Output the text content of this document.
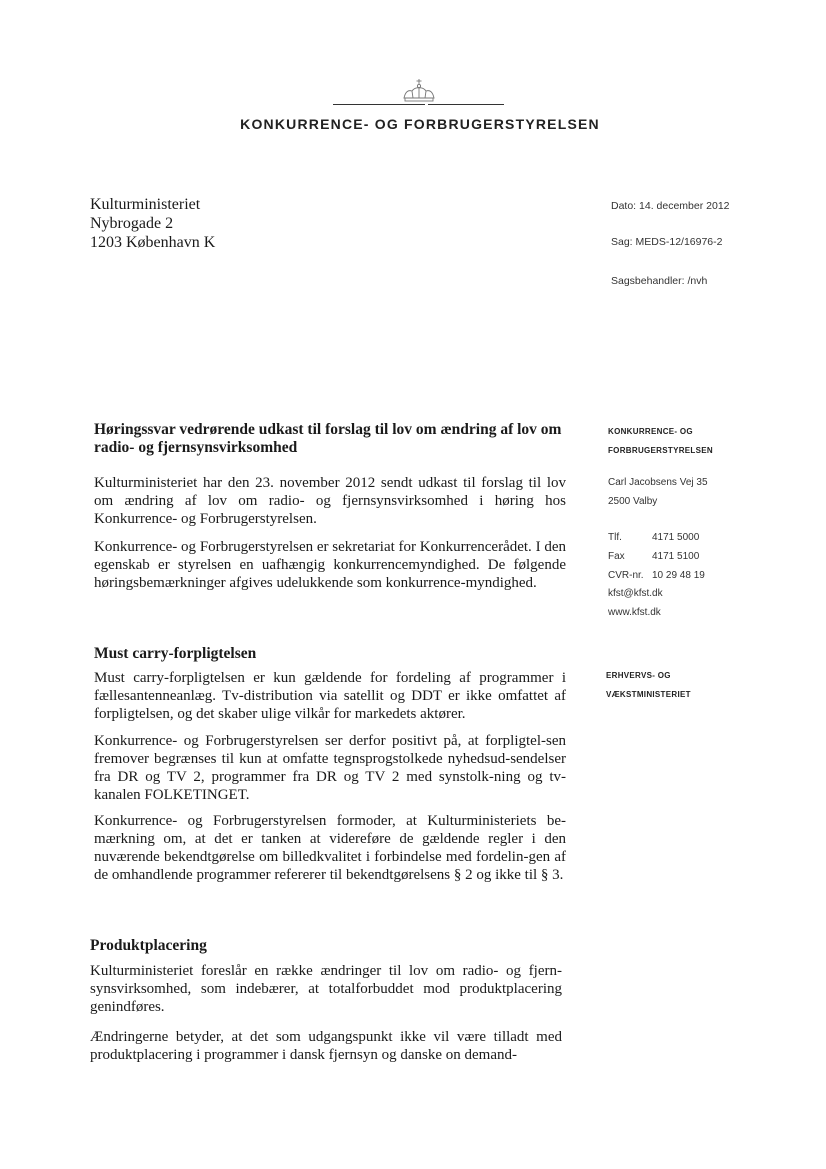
KONKURRENCE- OG FORBRUGERSTYRELSEN
Kulturministeriet
Nybrogade 2
1203 København K
Dato: 14. december 2012
Sag: MEDS-12/16976-2
Sagsbehandler: /nvh
KONKURRENCE- OG
FORBRUGERSTYRELSEN
Carl Jacobsens Vej 35
2500 Valby
Tlf.	4171 5000
Fax	4171 5100
CVR-nr. 10 29 48 19
kfst@kfst.dk
www.kfst.dk
ERHVERVS- OG
VÆKSTMINISTERIET
Høringssvar vedrørende udkast til forslag til lov om ændring af lov om radio- og fjernsynsvirksomhed
Kulturministeriet har den 23. november 2012 sendt udkast til forslag til lov om ændring af lov om radio- og fjernsynsvirksomhed i høring hos Konkurrence- og Forbrugerstyrelsen.
Konkurrence- og Forbrugerstyrelsen er sekretariat for Konkurrencerådet. I den egenskab er styrelsen en uafhængig konkurrencemyndighed. De følgende høringsbemærkninger afgives udelukkende som konkurrence-myndighed.
Must carry-forpligtelsen
Must carry-forpligtelsen er kun gældende for fordeling af programmer i fællesantenneanlæg. Tv-distribution via satellit og DDT er ikke omfattet af forpligtelsen, og det skaber ulige vilkår for markedets aktører.
Konkurrence- og Forbrugerstyrelsen ser derfor positivt på, at forpligtel-sen fremover begrænses til kun at omfatte tegnsprogstolkede nyhedsud-sendelser fra DR og TV 2, programmer fra DR og TV 2 med synstolk-ning og tv-kanalen FOLKETINGET.
Konkurrence- og Forbrugerstyrelsen formoder, at Kulturministeriets be-mærkning om, at det er tanken at videreføre de gældende regler i den nuværende bekendtgørelse om billedkvalitet i forbindelse med fordelin-gen af de omhandlende programmer refererer til bekendtgørelsens § 2 og ikke til § 3.
Produktplacering
Kulturministeriet foreslår en række ændringer til lov om radio- og fjern-synsvirksomhed, som indebærer, at totalforbuddet mod produktplacering genindføres.
Ændringerne betyder, at det som udgangspunkt ikke vil være tilladt med produktplacering i programmer i dansk fjernsyn og danske on demand-
